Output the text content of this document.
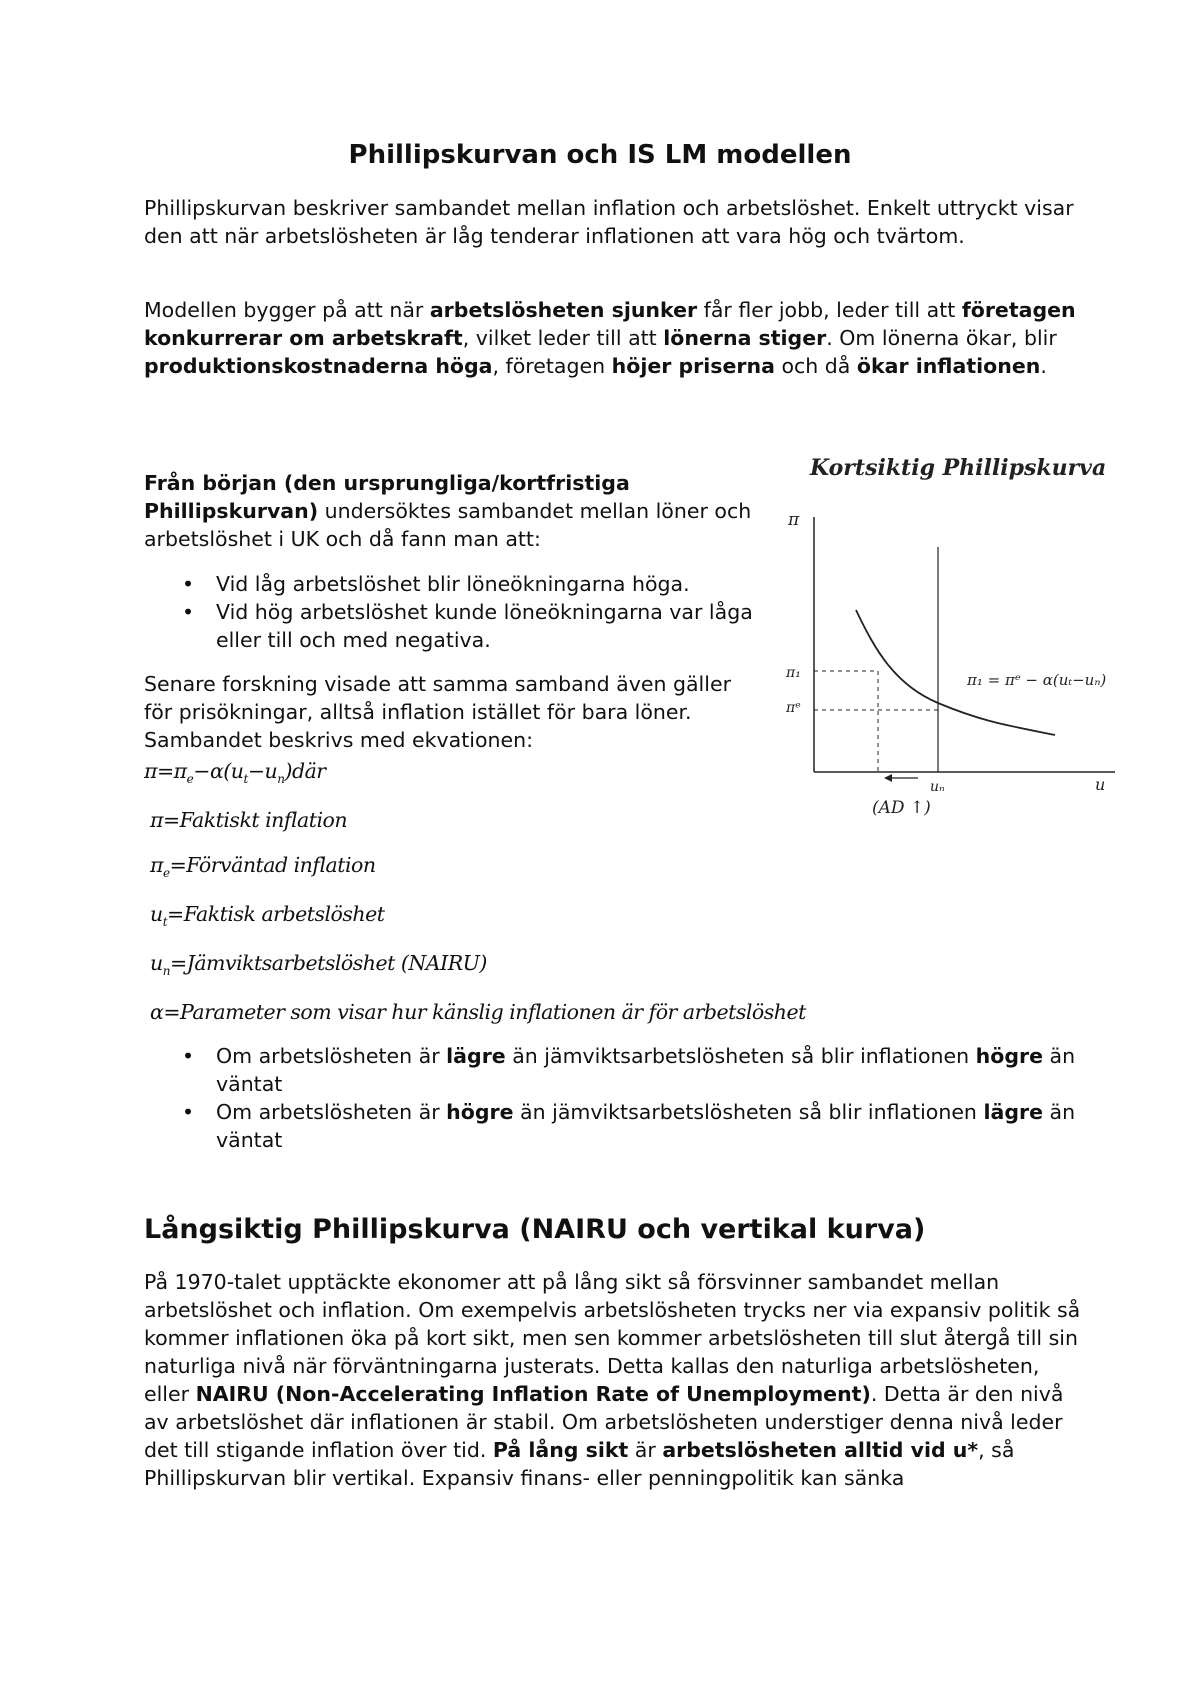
Phillipskurvan och IS LM modellen

Phillipskurvan beskriver sambandet mellan inflation och arbetslöshet. Enkelt uttryckt visar den att när arbetslösheten är låg tenderar inflationen att vara hög och tvärtom.

Modellen bygger på att när arbetslösheten sjunker får fler jobb, leder till att företagen konkurrerar om arbetskraft, vilket leder till att lönerna stiger. Om lönerna ökar, blir produktionskostnaderna höga, företagen höjer priserna och då ökar inflationen.

Från början (den ursprungliga/kortfristiga Phillipskurvan) undersöktes sambandet mellan löner och arbetslöshet i UK och då fann man att:

• Vid låg arbetslöshet blir löneökningarna höga.
• Vid hög arbetslöshet kunde löneökningarna var låga eller till och med negativa.

Senare forskning visade att samma samband även gäller för prisökningar, alltså inflation istället för bara löner. Sambandet beskrivs med ekvationen:

$\pi=\pi_e-\alpha(u_t-u_n)där$

π=Faktiskt inflation

$\pi_e=Förväntad$ inflation

$u_t=Faktisk$ arbetslöshet

$u_n=Jämviktsarbetslöshet$ (NAIRU)

α=Parameter som visar hur känslig inflationen är för arbetslöshet

• Om arbetslösheten är lägre än jämviktsarbetslösheten så blir inflationen högre än väntat
• Om arbetslösheten är högre än jämviktsarbetslösheten så blir inflationen lägre än väntat
Långsiktig Phillipskurva (NAIRU och vertikal kurva)

På 1970-talet upptäckte ekonomer att på lång sikt så försvinner sambandet mellan arbetslöshet och inflation. Om exempelvis arbetslösheten trycks ner via expansiv politik så kommer inflationen öka på kort sikt, men sen kommer arbetslösheten till slut återgå till sin naturliga nivå när förväntningarna justerats. Detta kallas den naturliga arbetslösheten, eller NAIRU (Non-Accelerating Inflation Rate of Unemployment). Detta är den nivå av arbetslöshet där inflationen är stabil. Om arbetslösheten understiger denna nivå leder det till stigande inflation över tid. På lång sikt är arbetslösheten alltid vid u*, så Phillipskurvan blir vertikal. Expansiv finans- eller penningpolitik kan sänka

Kortsiktig Phillipskurva
π
u
π₁
πᵉ
π₁ = πᵉ − α(uₜ−uₙ)
uₙ
(AD ↑)
